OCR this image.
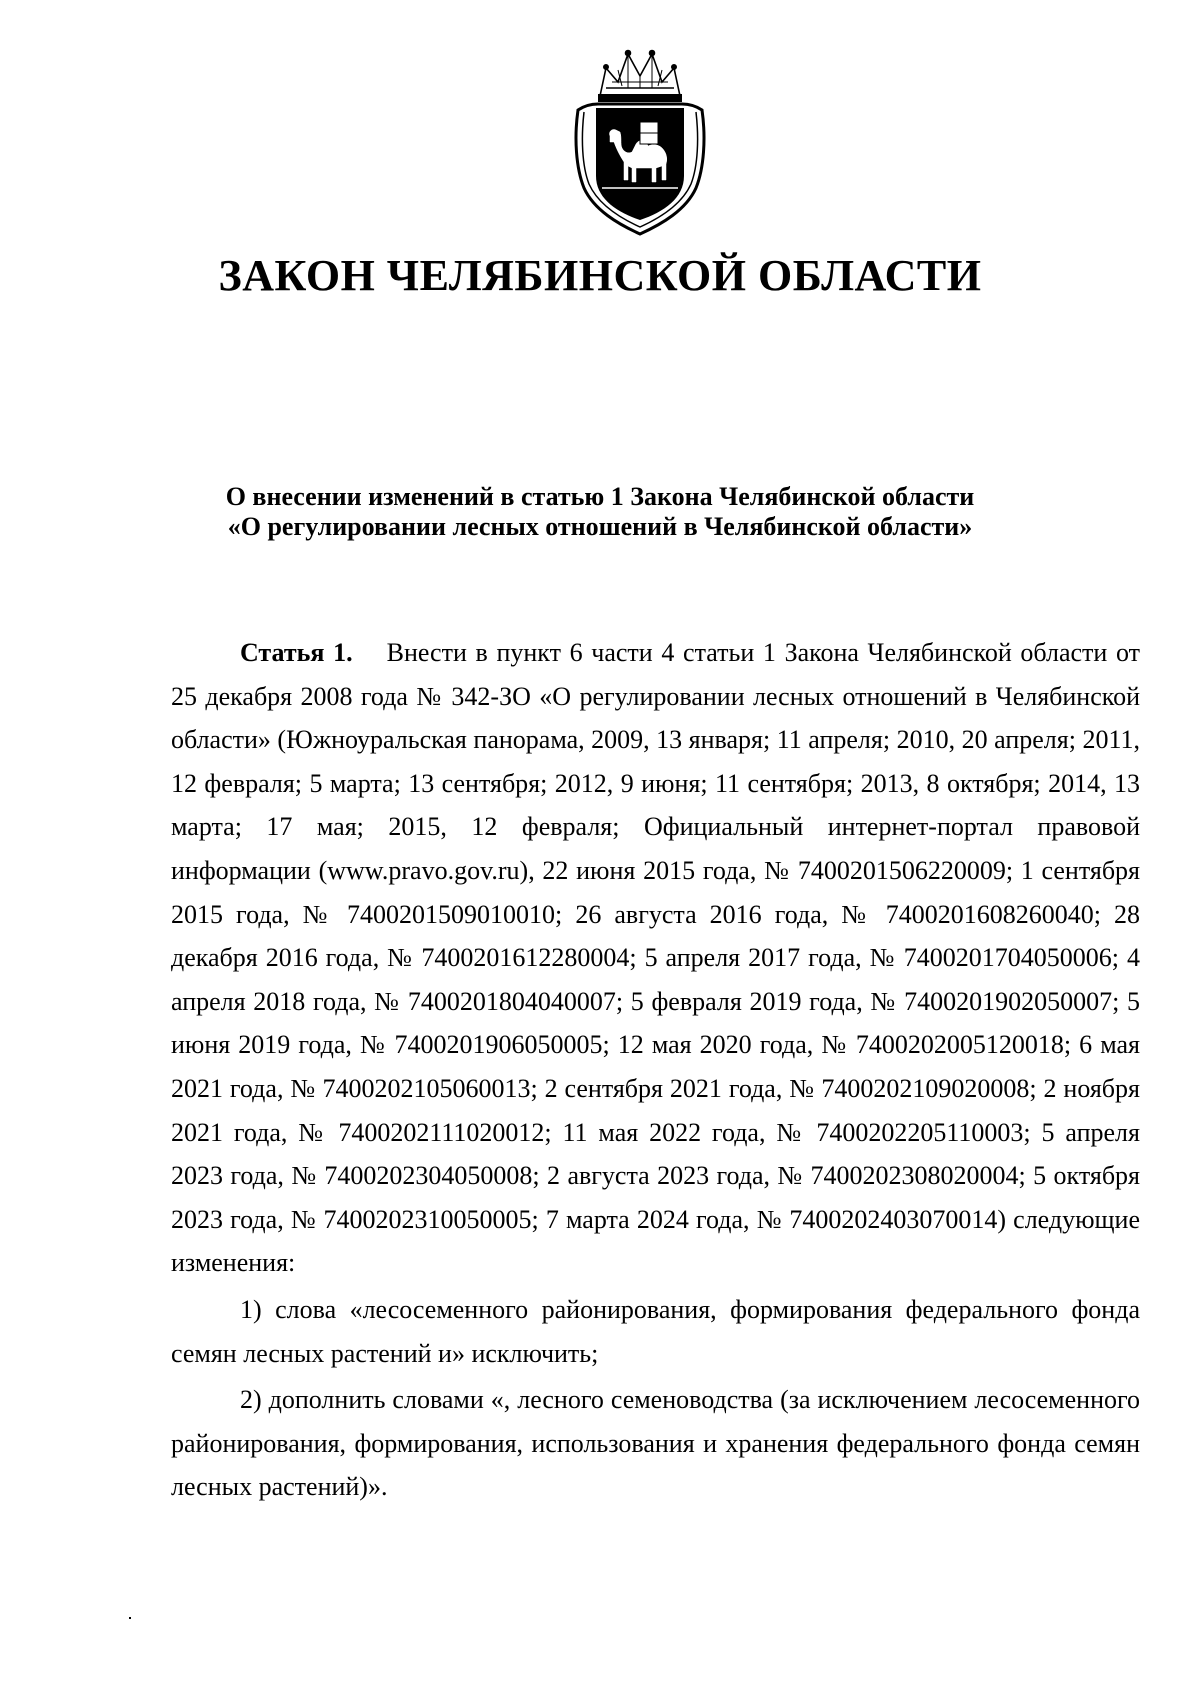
ЗАКОН ЧЕЛЯБИНСКОЙ ОБЛАСТИ
О внесении изменений в статью 1 Закона Челябинской области
«О регулировании лесных отношений в Челябинской области»

Статья 1. Внести в пункт 6 части 4 статьи 1 Закона Челябинской области от 25 декабря 2008 года № 342-ЗО «О регулировании лесных отношений в Челябинской области» (Южноуральская панорама, 2009, 13 января; 11 апреля; 2010, 20 апреля; 2011, 12 февраля; 5 марта; 13 сентября; 2012, 9 июня; 11 сентября; 2013, 8 октября; 2014, 13 марта; 17 мая; 2015, 12 февраля; Официальный интернет-портал правовой информации (www.pravo.gov.ru), 22 июня 2015 года, № 7400201506220009; 1 сентября 2015 года, № 7400201509010010; 26 августа 2016 года, № 7400201608260040; 28 декабря 2016 года, № 7400201612280004; 5 апреля 2017 года, № 7400201704050006; 4 апреля 2018 года, № 7400201804040007; 5 февраля 2019 года, № 7400201902050007; 5 июня 2019 года, № 7400201906050005; 12 мая 2020 года, № 7400202005120018; 6 мая 2021 года, № 7400202105060013; 2 сентября 2021 года, № 7400202109020008; 2 ноября 2021 года, № 7400202111020012; 11 мая 2022 года, № 7400202205110003; 5 апреля 2023 года, № 7400202304050008; 2 августа 2023 года, № 7400202308020004; 5 октября 2023 года, № 7400202310050005; 7 марта 2024 года, № 7400202403070014) следующие изменения:

1) слова «лесосеменного районирования, формирования федерального фонда семян лесных растений и» исключить;

2) дополнить словами «, лесного семеноводства (за исключением лесосеменного районирования, формирования, использования и хранения федерального фонда семян лесных растений)».
